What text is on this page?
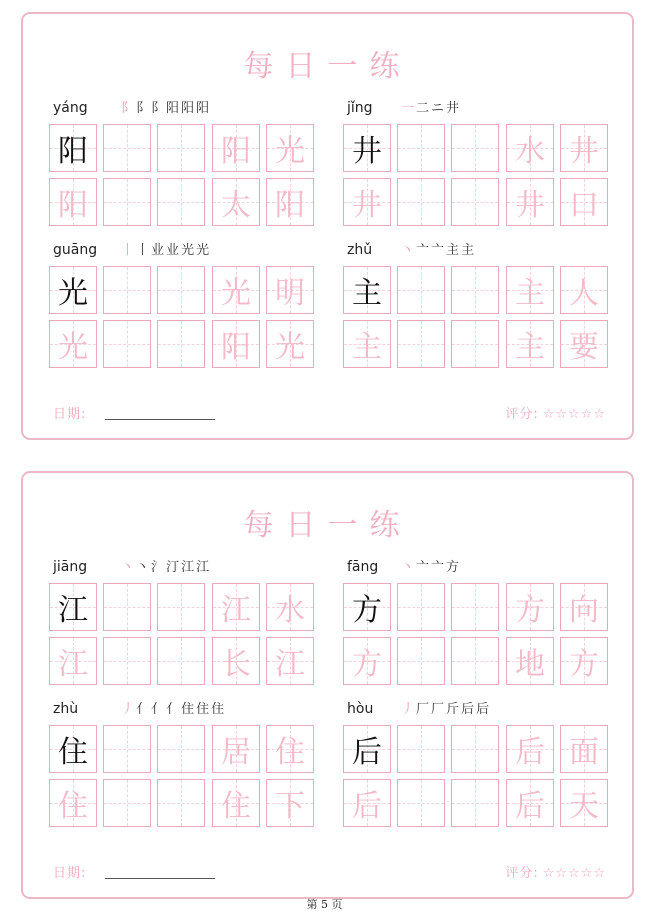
每日一练
yáng	阝阝阝阳阳阳
阳	阳 光
阳	太 阳
jǐng 一二ニ井
井	水 井
井	井 口
guāng 丨丨业业光光
光	光 明
光	阳 光
zhǔ 丶亠亠主主
主	主 人
主	主 要
日期:	评分: ☆☆☆☆☆
每日一练
jiāng	丶丶氵汀江江
江	江 水
江	长 江
fāng 丶亠亠方
方	方 向
方	地 方
zhù	丿亻亻亻住住住
住	居 住
住	住 下
hòu 丿厂厂斤后后
后	后 面
后	后 天
日期:	评分: ☆☆☆☆☆
第 5 页
